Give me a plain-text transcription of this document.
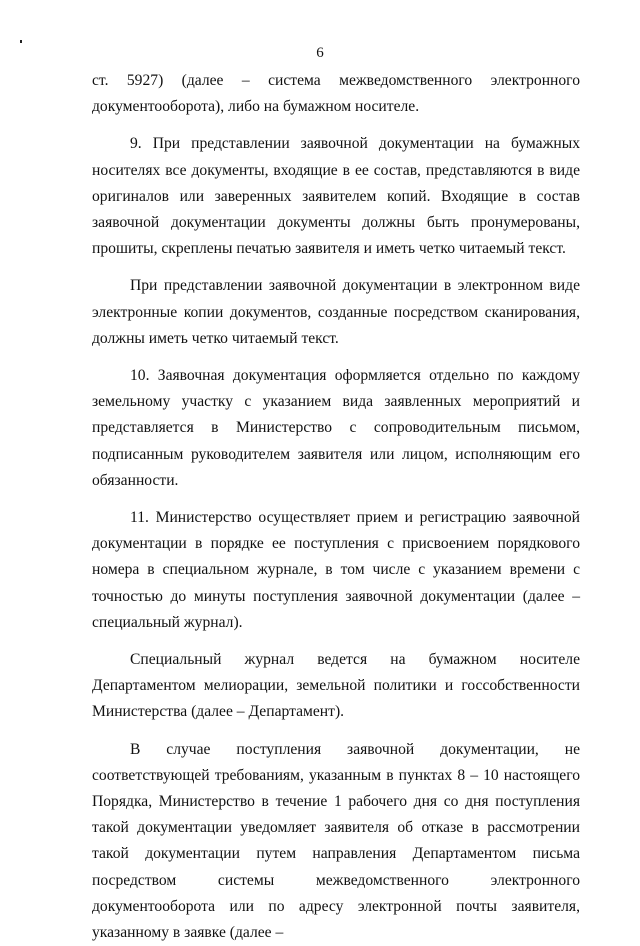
6

ст. 5927) (далее – система межведомственного электронного документооборота), либо на бумажном носителе.

9. При представлении заявочной документации на бумажных носителях все документы, входящие в ее состав, представляются в виде оригиналов или заверенных заявителем копий. Входящие в состав заявочной документации документы должны быть пронумерованы, прошиты, скреплены печатью заявителя и иметь четко читаемый текст.

При представлении заявочной документации в электронном виде электронные копии документов, созданные посредством сканирования, должны иметь четко читаемый текст.

10. Заявочная документация оформляется отдельно по каждому земельному участку с указанием вида заявленных мероприятий и представляется в Министерство с сопроводительным письмом, подписанным руководителем заявителя или лицом, исполняющим его обязанности.

11. Министерство осуществляет прием и регистрацию заявочной документации в порядке ее поступления с присвоением порядкового номера в специальном журнале, в том числе с указанием времени с точностью до минуты поступления заявочной документации (далее – специальный журнал).

Специальный журнал ведется на бумажном носителе Департаментом мелиорации, земельной политики и госсобственности Министерства (далее – Департамент).

В случае поступления заявочной документации, не соответствующей требованиям, указанным в пунктах 8 – 10 настоящего Порядка, Министерство в течение 1 рабочего дня со дня поступления такой документации уведомляет заявителя об отказе в рассмотрении такой документации путем направления Департаментом письма посредством системы межведомственного электронного документооборота или по адресу электронной почты заявителя, указанному в заявке (далее –
